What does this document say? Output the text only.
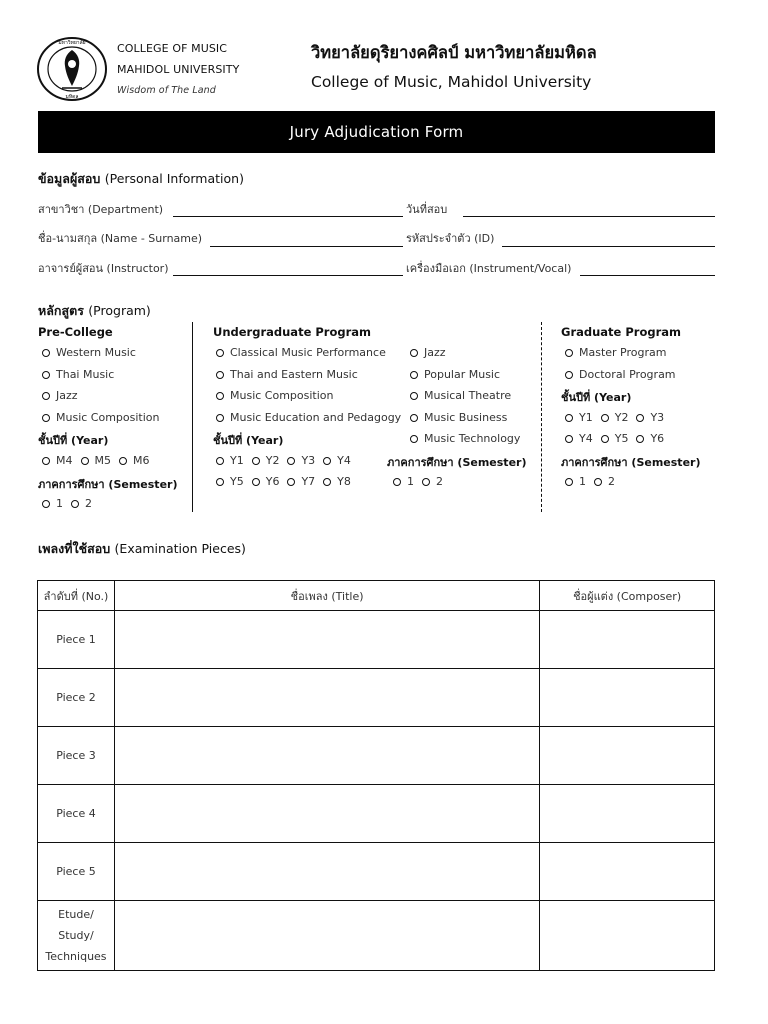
มหาวิทยาลัย
มหิดล
COLLEGE OF MUSIC
MAHIDOL UNIVERSITY
Wisdom of The Land
วิทยาลัยดุริยางคศิลป์ มหาวิทยาลัยมหิดล
College of Music, Mahidol University
Jury Adjudication Form
ข้อมูลผู้สอบ (Personal Information)
สาขาวิชา (Department)	วันที่สอบ
ชื่อ-นามสกุล (Name - Surname)	รหัสประจำตัว (ID)
อาจารย์ผู้สอน (Instructor)	เครื่องมือเอก (Instrument/Vocal)
หลักสูตร (Program)
Pre-College
Western Music
Thai Music
Jazz
Music Composition
ชั้นปีที่ (Year)
M4 M5 M6
ภาคการศึกษา (Semester)
1 2
Undergraduate Program
Classical Music Performance
Thai and Eastern Music
Music Composition
Music Education and Pedagogy
Jazz
Popular Music
Musical Theatre
Music Business
Music Technology
ชั้นปีที่ (Year)
Y1 Y2 Y3 Y4
Y5 Y6 Y7 Y8
ภาคการศึกษา (Semester)
1 2
Graduate Program
Master Program
Doctoral Program
ชั้นปีที่ (Year)
Y1 Y2 Y3
Y4 Y5 Y6
ภาคการศึกษา (Semester)
1 2
เพลงที่ใช้สอบ (Examination Pieces)
ลำดับที่ (No.)	ชื่อเพลง (Title)	ชื่อผู้แต่ง (Composer)
Piece 1		
Piece 2		
Piece 3		
Piece 4		
Piece 5		

Etude/
Study/
Techniques		
